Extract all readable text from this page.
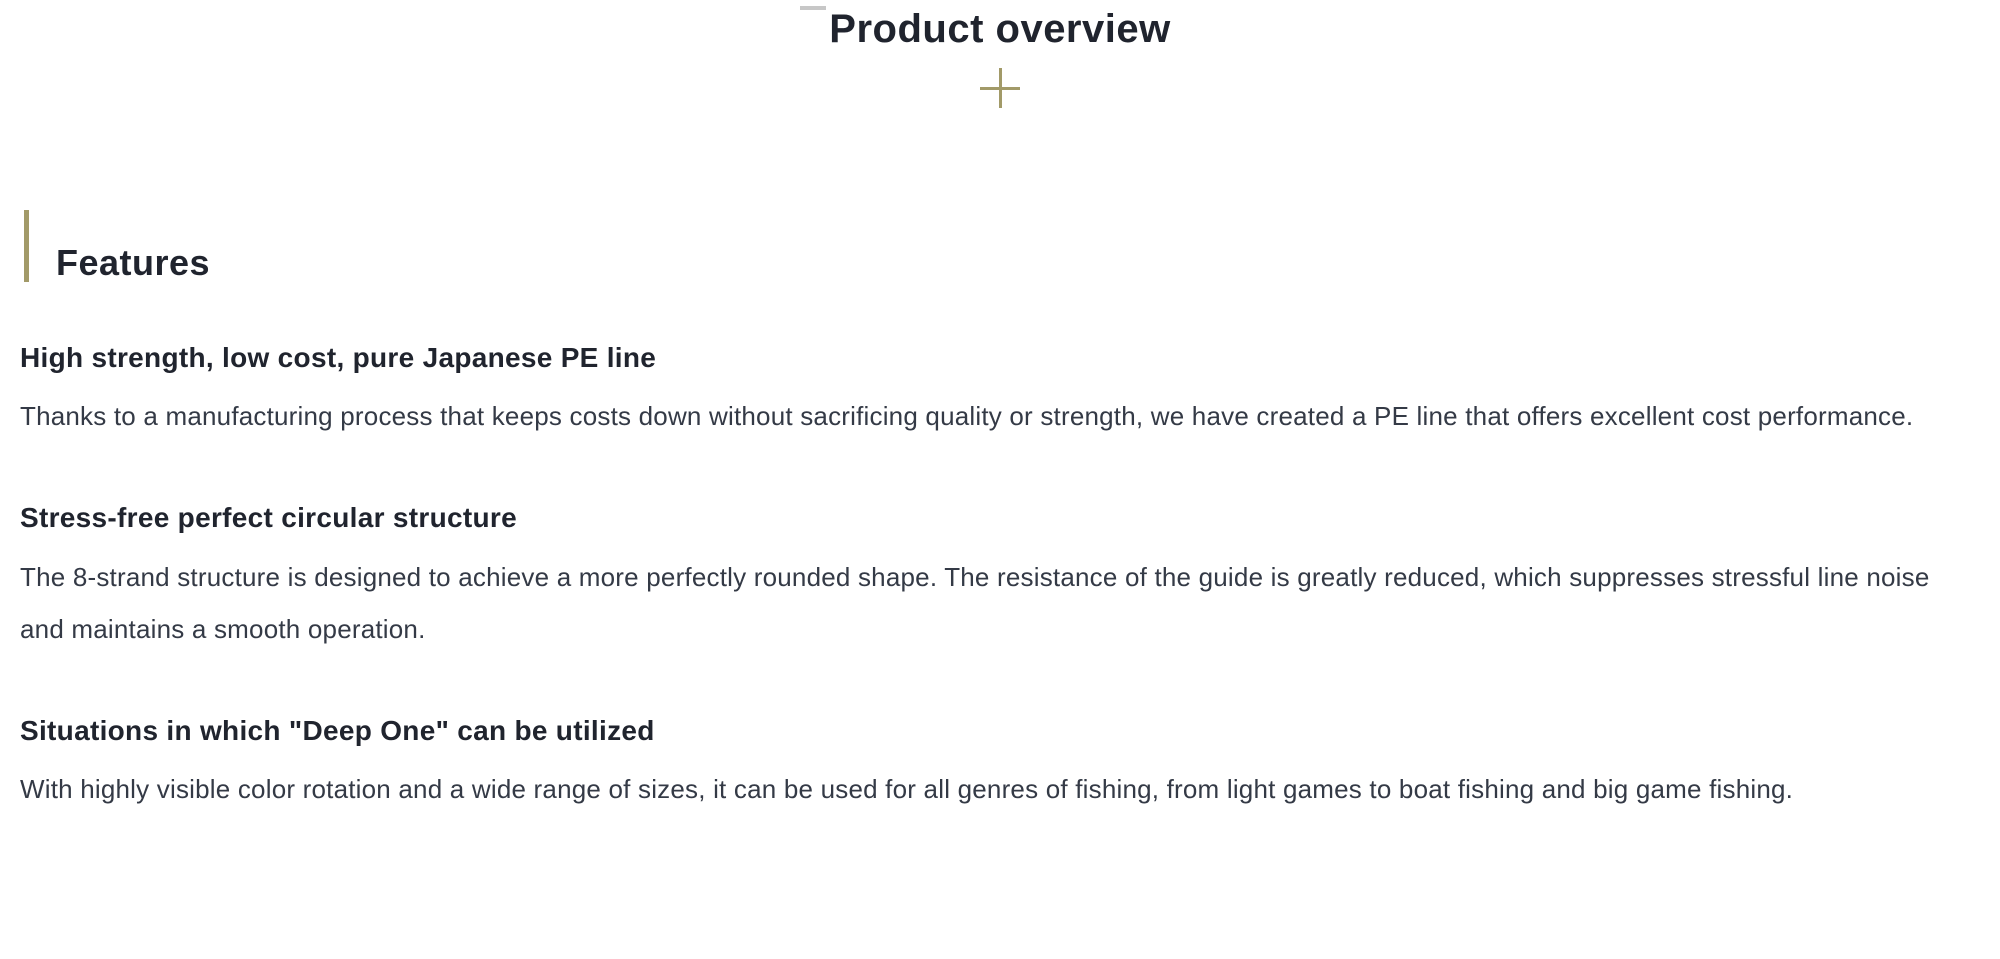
Product overview
Features
High strength, low cost, pure Japanese PE line

Thanks to a manufacturing process that keeps costs down without sacrificing quality or strength, we have created a PE line that offers excellent cost performance.

Stress-free perfect circular structure

The 8-strand structure is designed to achieve a more perfectly rounded shape. The resistance of the guide is greatly reduced, which suppresses stressful line noise and maintains a smooth operation.

Situations in which "Deep One" can be utilized

With highly visible color rotation and a wide range of sizes, it can be used for all genres of fishing, from light games to boat fishing and big game fishing.
